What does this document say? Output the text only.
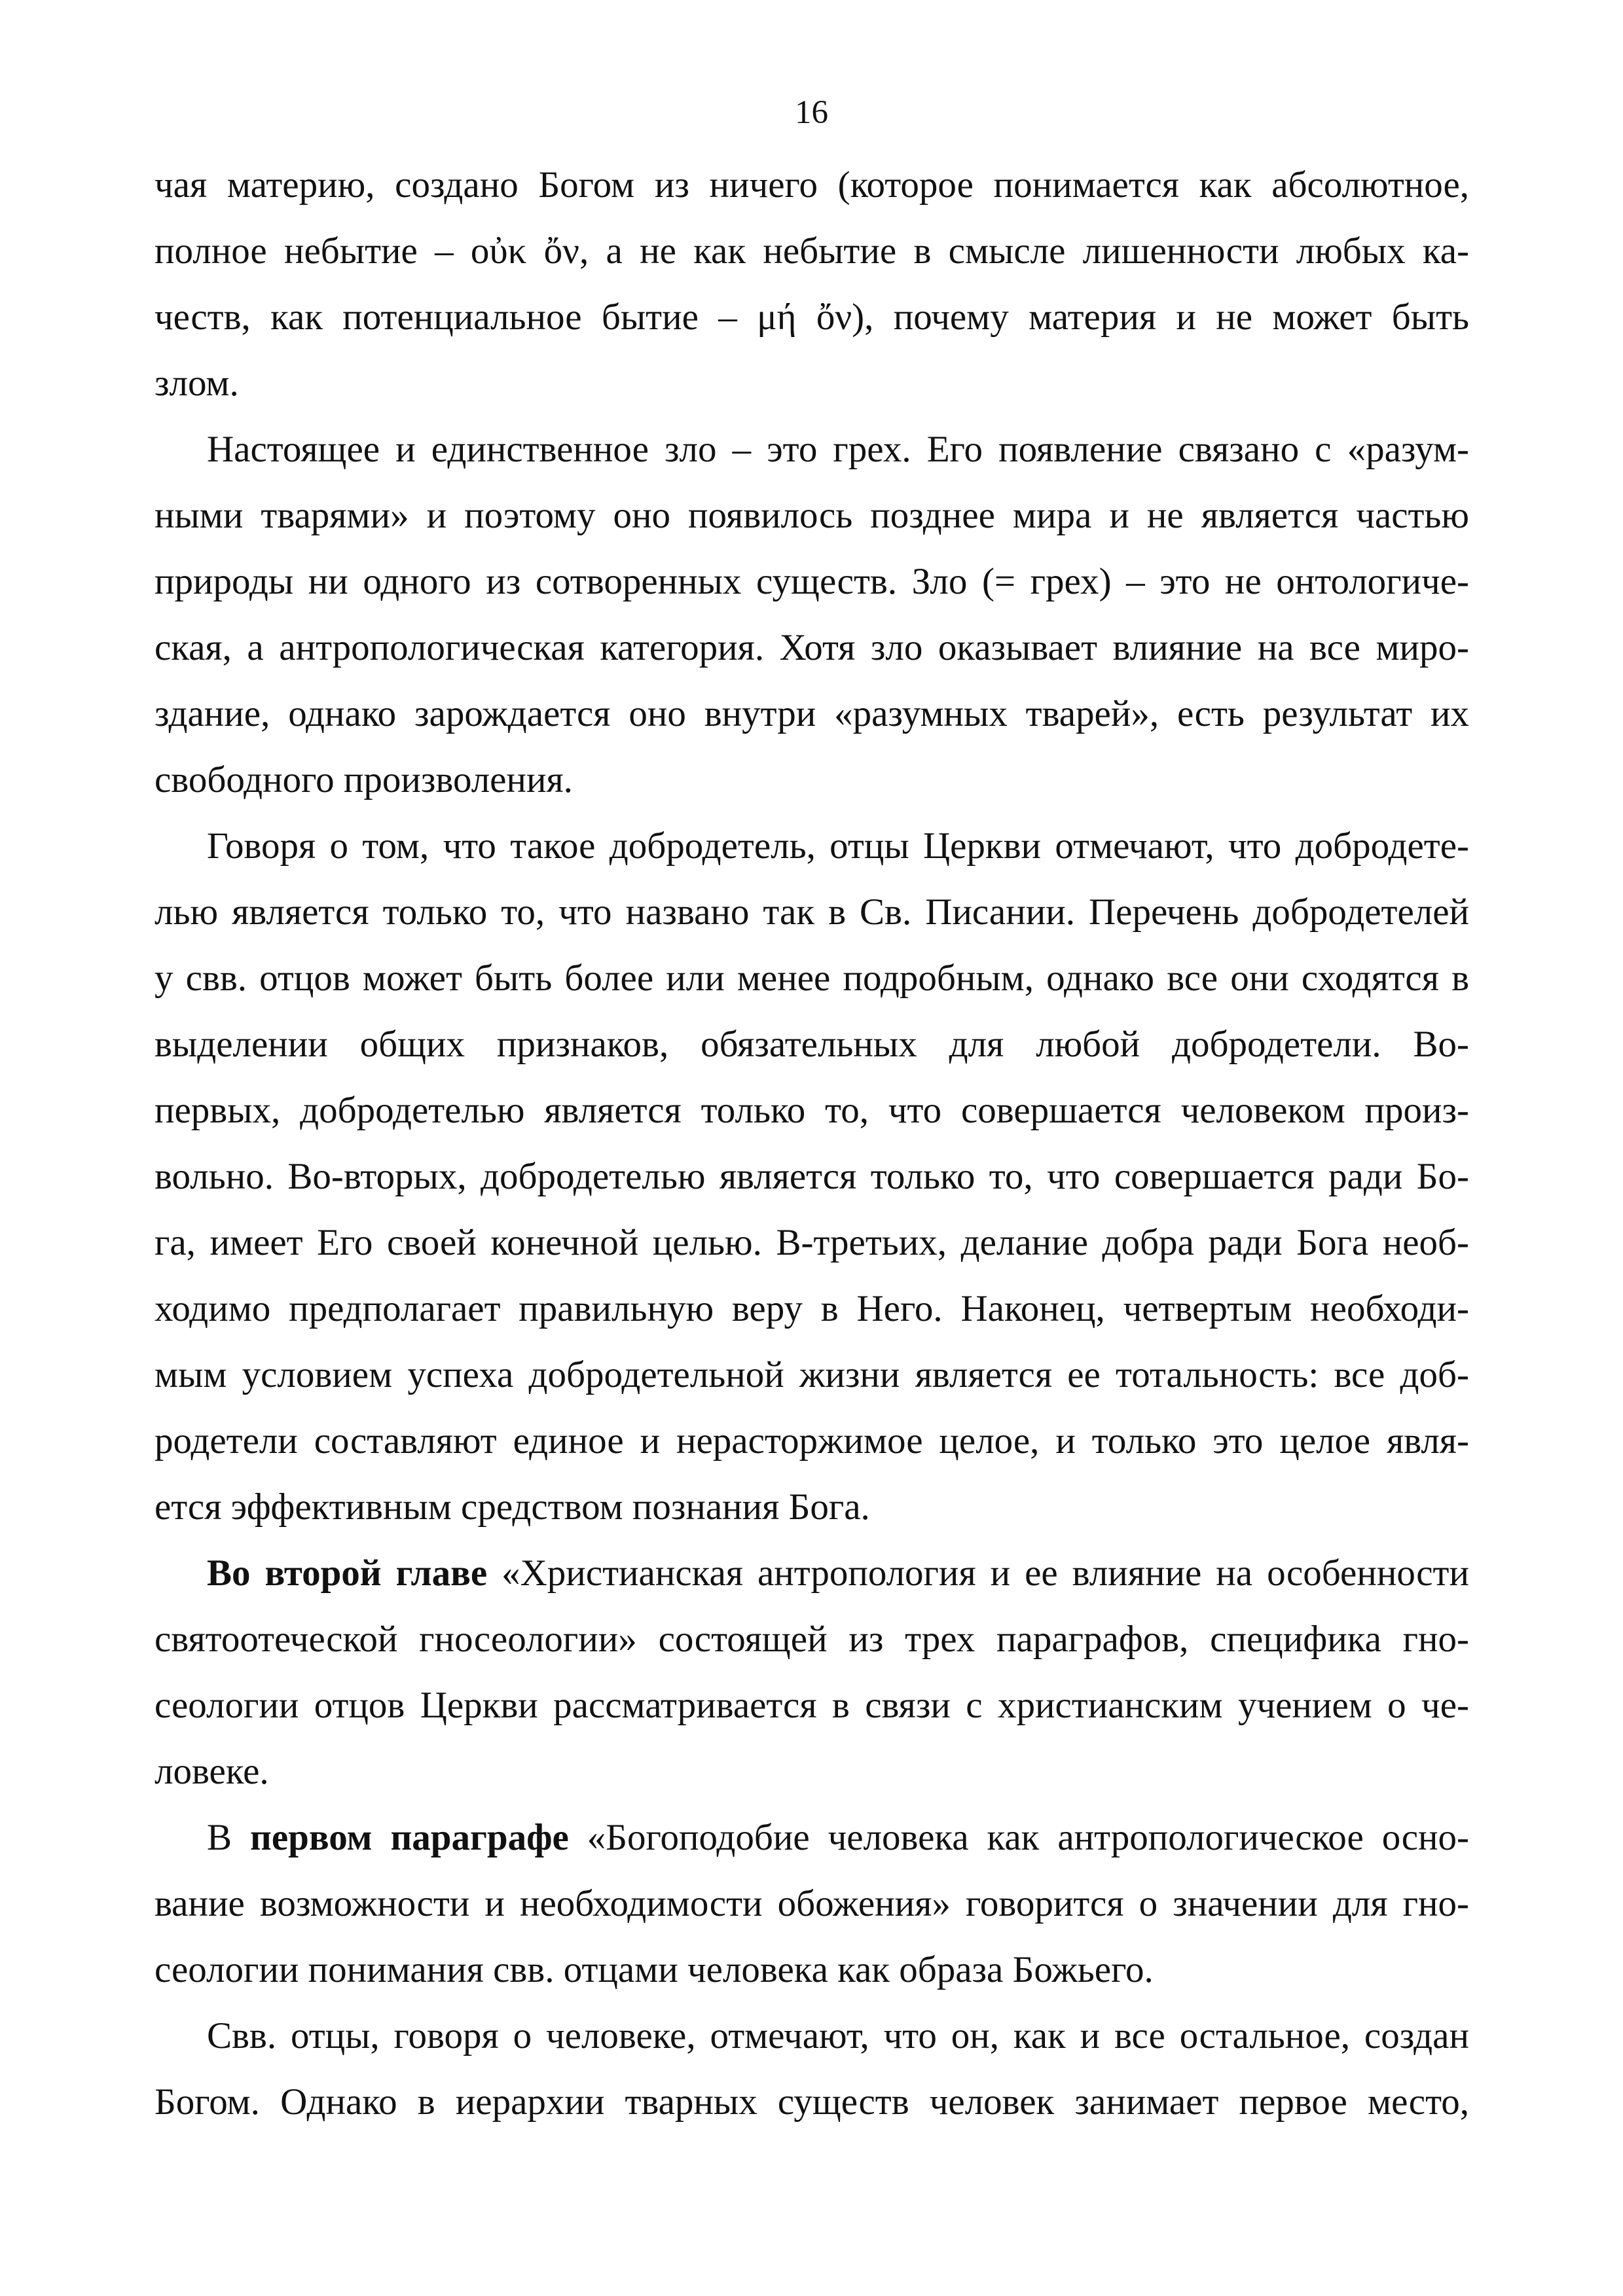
16
чая материю, создано Богом из ничего (которое понимается как абсолютное,
полное небытие – οὐκ ὄν, а не как небытие в смысле лишенности любых ка-
честв, как потенциальное бытие – μή ὄν), почему материя и не может быть
злом.
Настоящее и единственное зло – это грех. Его появление связано с «разум-
ными тварями» и поэтому оно появилось позднее мира и не является частью
природы ни одного из сотворенных существ. Зло (= грех) – это не онтологиче-
ская, а антропологическая категория. Хотя зло оказывает влияние на все миро-
здание, однако зарождается оно внутри «разумных тварей», есть результат их
свободного произволения.
Говоря о том, что такое добродетель, отцы Церкви отмечают, что добродете-
лью является только то, что названо так в Св. Писании. Перечень добродетелей
у свв. отцов может быть более или менее подробным, однако все они сходятся в
выделении общих признаков, обязательных для любой добродетели. Во-
первых, добродетелью является только то, что совершается человеком произ-
вольно. Во-вторых, добродетелью является только то, что совершается ради Бо-
га, имеет Его своей конечной целью. В-третьих, делание добра ради Бога необ-
ходимо предполагает правильную веру в Него. Наконец, четвертым необходи-
мым условием успеха добродетельной жизни является ее тотальность: все доб-
родетели составляют единое и нерасторжимое целое, и только это целое явля-
ется эффективным средством познания Бога.
Во второй главе «Христианская антропология и ее влияние на особенности
святоотеческой гносеологии» состоящей из трех параграфов, специфика гно-
сеологии отцов Церкви рассматривается в связи с христианским учением о че-
ловеке.
В первом параграфе «Богоподобие человека как антропологическое осно-
вание возможности и необходимости обожения» говорится о значении для гно-
сеологии понимания свв. отцами человека как образа Божьего.
Свв. отцы, говоря о человеке, отмечают, что он, как и все остальное, создан
Богом. Однако в иерархии тварных существ человек занимает первое место,
